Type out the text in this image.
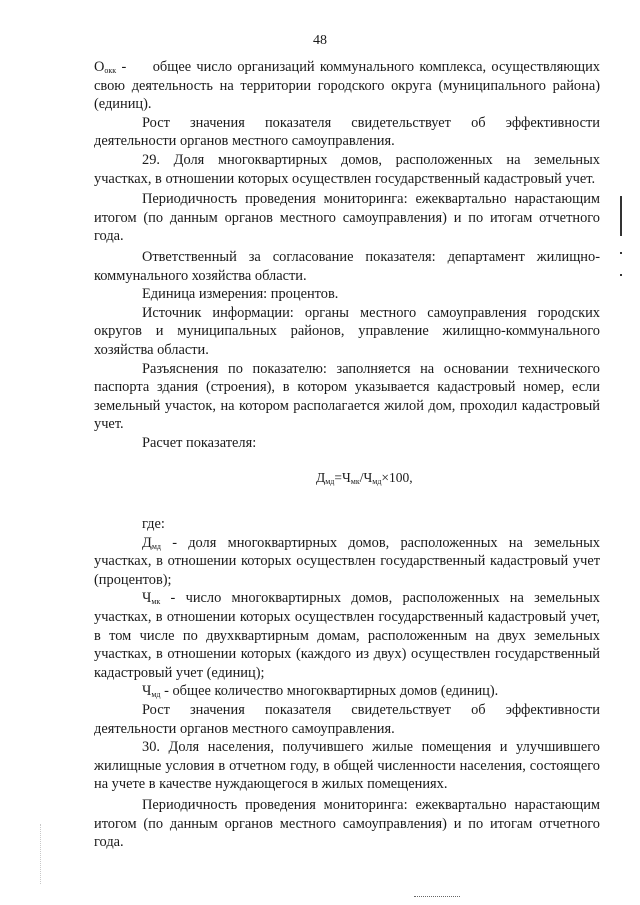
48

$О_{окк}$ -     общее число организаций коммунального комплекса, осуществляющих свою деятельность на территории городского округа (муниципального района) (единиц).

Рост значения показателя свидетельствует об эффективности деятельности органов местного самоуправления.

29. Доля многоквартирных домов, расположенных на земельных участках, в отношении которых осуществлен государственный кадастровый учет.

Периодичность проведения мониторинга: ежеквартально нарастающим итогом (по данным органов местного самоуправления) и по итогам отчетного года.

Ответственный за согласование показателя: департамент жилищно-коммунального хозяйства области.

Единица измерения: процентов.

Источник информации: органы местного самоуправления городских округов и муниципальных районов, управление жилищно-коммунального хозяйства области.

Разъяснения по показателю: заполняется на основании технического паспорта здания (строения), в котором указывается кадастровый номер, если земельный участок, на котором располагается жилой дом, проходил кадастровый учет.

Расчет показателя:

$Д_{мд}=Ч_{мк}/Ч_{мд}\times 100$,

где:

$Д_{мд}$ - доля многоквартирных домов, расположенных на земельных участках, в отношении которых осуществлен государственный кадастровый учет (процентов);

$Ч_{мк}$ - число многоквартирных домов, расположенных на земельных участках, в отношении которых осуществлен государственный кадастровый учет, в том числе по двухквартирным домам, расположенным на двух земельных участках, в отношении которых (каждого из двух) осуществлен государственный кадастровый учет (единиц);

$Ч_{мд}$ - общее количество многоквартирных домов (единиц).

Рост значения показателя свидетельствует об эффективности деятельности органов местного самоуправления.

30. Доля населения, получившего жилые помещения и улучшившего жилищные условия в отчетном году, в общей численности населения, состоящего на учете в качестве нуждающегося в жилых помещениях.

Периодичность проведения мониторинга: ежеквартально нарастающим итогом (по данным органов местного самоуправления) и по итогам отчетного года.
